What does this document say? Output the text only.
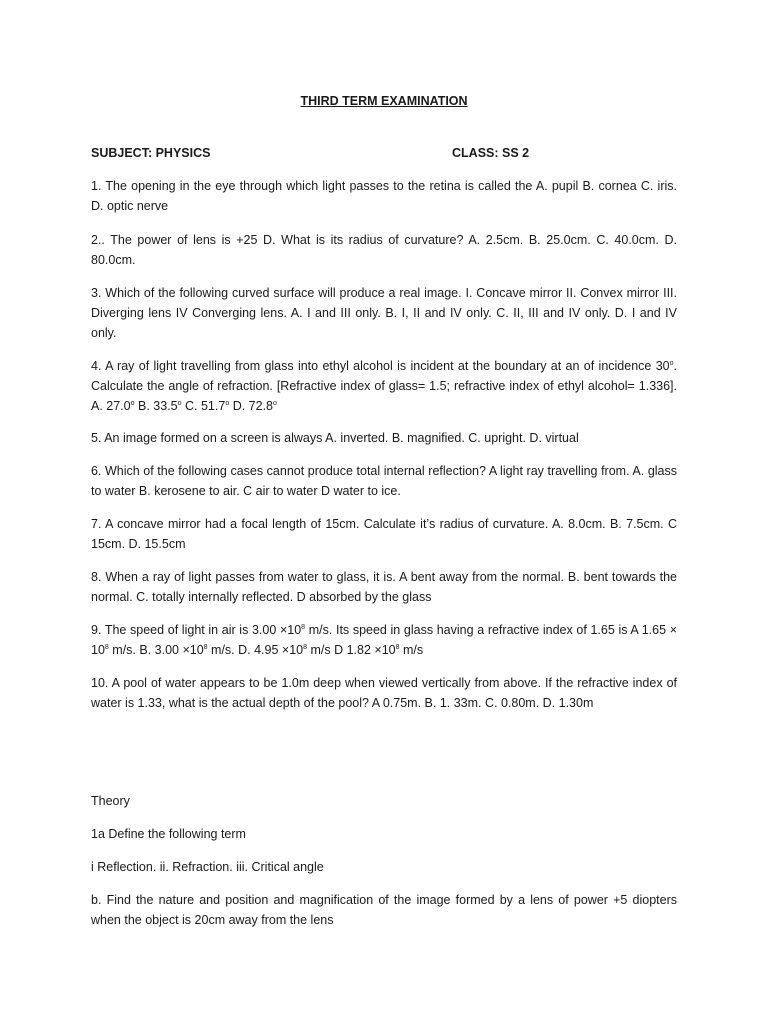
THIRD TERM EXAMINATION
SUBJECT: PHYSICS	CLASS: SS 2
1. The opening in the eye through which light passes to the retina is called the A. pupil B. cornea C. iris. D. optic nerve
2.. The power of lens is +25 D. What is its radius of curvature? A. 2.5cm. B. 25.0cm. C. 40.0cm. D. 80.0cm.
3. Which of the following curved surface will produce a real image. I. Concave mirror II. Convex mirror III. Diverging lens IV Converging lens. A. I and III only. B. I, II and IV only. C. II, III and IV only. D. I and IV only.
4. A ray of light travelling from glass into ethyl alcohol is incident at the boundary at an of incidence 30$^o$. Calculate the angle of refraction. [Refractive index of glass= 1.5; refractive index of ethyl alcohol= 1.336]. A. 27.0$^o$ B. 33.5$^o$ C. 51.7$^o$ D. 72.8$^o$
5. An image formed on a screen is always A. inverted. B. magnified. C. upright. D. virtual
6. Which of the following cases cannot produce total internal reflection? A light ray travelling from. A. glass to water B. kerosene to air. C air to water D water to ice.
7. A concave mirror had a focal length of 15cm. Calculate it’s radius of curvature. A. 8.0cm. B. 7.5cm. C 15cm. D. 15.5cm
8. When a ray of light passes from water to glass, it is. A bent away from the normal. B. bent towards the normal. C. totally internally reflected. D absorbed by the glass
9. The speed of light in air is $3.00 \times 10^8$ m/s. Its speed in glass having a refractive index of 1.65 is A $1.65 \times 10^8$ m/s. B. $3.00 \times 10^8$ m/s. D. $4.95 \times 10^8$ m/s D $1.82 \times 10^8$ m/s
10. A pool of water appears to be 1.0m deep when viewed vertically from above. If the refractive index of water is 1.33, what is the actual depth of the pool? A 0.75m. B. 1. 33m. C. 0.80m. D. 1.30m
Theory
1a Define the following term
i Reflection. ii. Refraction. iii. Critical angle
b. Find the nature and position and magnification of the image formed by a lens of power +5 diopters when the object is 20cm away from the lens
